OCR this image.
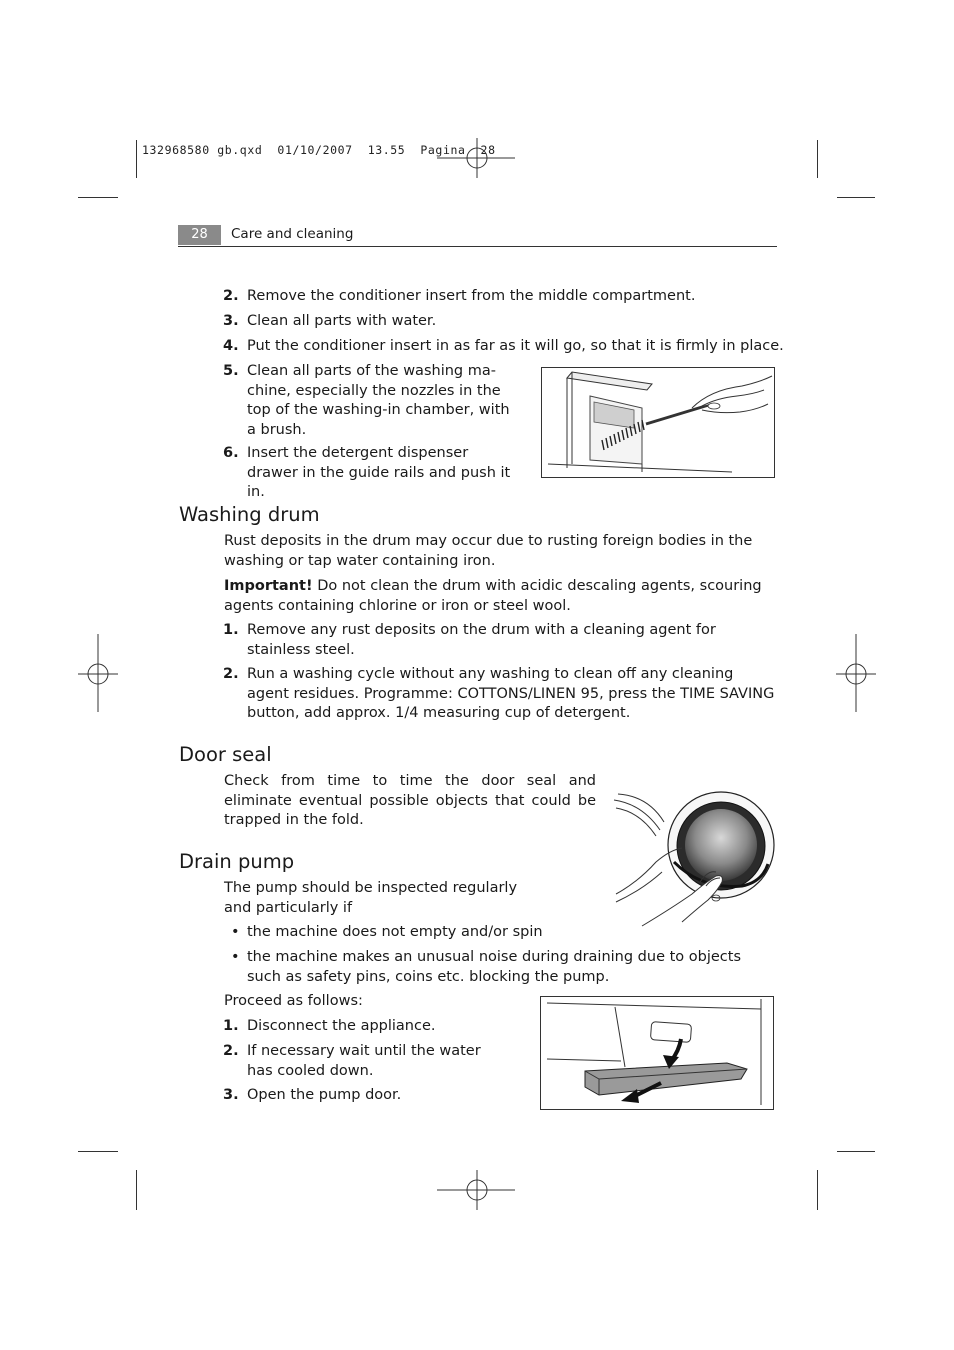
132968580 gb.qxd  01/10/2007  13.55  Pagina  28
28	Care and cleaning
2. Remove the conditioner insert from the middle compartment.
3. Clean all parts with water.
4. Put the conditioner insert in as far as it will go, so that it is firmly in place.
5. Clean all parts of the washing ma-chine, especially the nozzles in the top of the washing-in chamber, with a brush.
6. Insert the detergent dispenser drawer in the guide rails and push it in.
Washing drum
Rust deposits in the drum may occur due to rusting foreign bodies in the washing or tap water containing iron.
Important! Do not clean the drum with acidic descaling agents, scouring agents containing chlorine or iron or steel wool.
1. Remove any rust deposits on the drum with a cleaning agent for stainless steel.
2. Run a washing cycle without any washing to clean off any cleaning agent residues. Programme: COTTONS/LINEN 95, press the TIME SAVING button, add approx. 1/4 measuring cup of detergent.
Door seal
Check from time to time the door seal and eliminate eventual possible objects that could be trapped in the fold.
Drain pump
The pump should be inspected regularly and particularly if
• the machine does not empty and/or spin
• the machine makes an unusual noise during draining due to objects such as safety pins, coins etc. blocking the pump.
Proceed as follows:
1. Disconnect the appliance.
2. If necessary wait until the water has cooled down.
3. Open the pump door.
